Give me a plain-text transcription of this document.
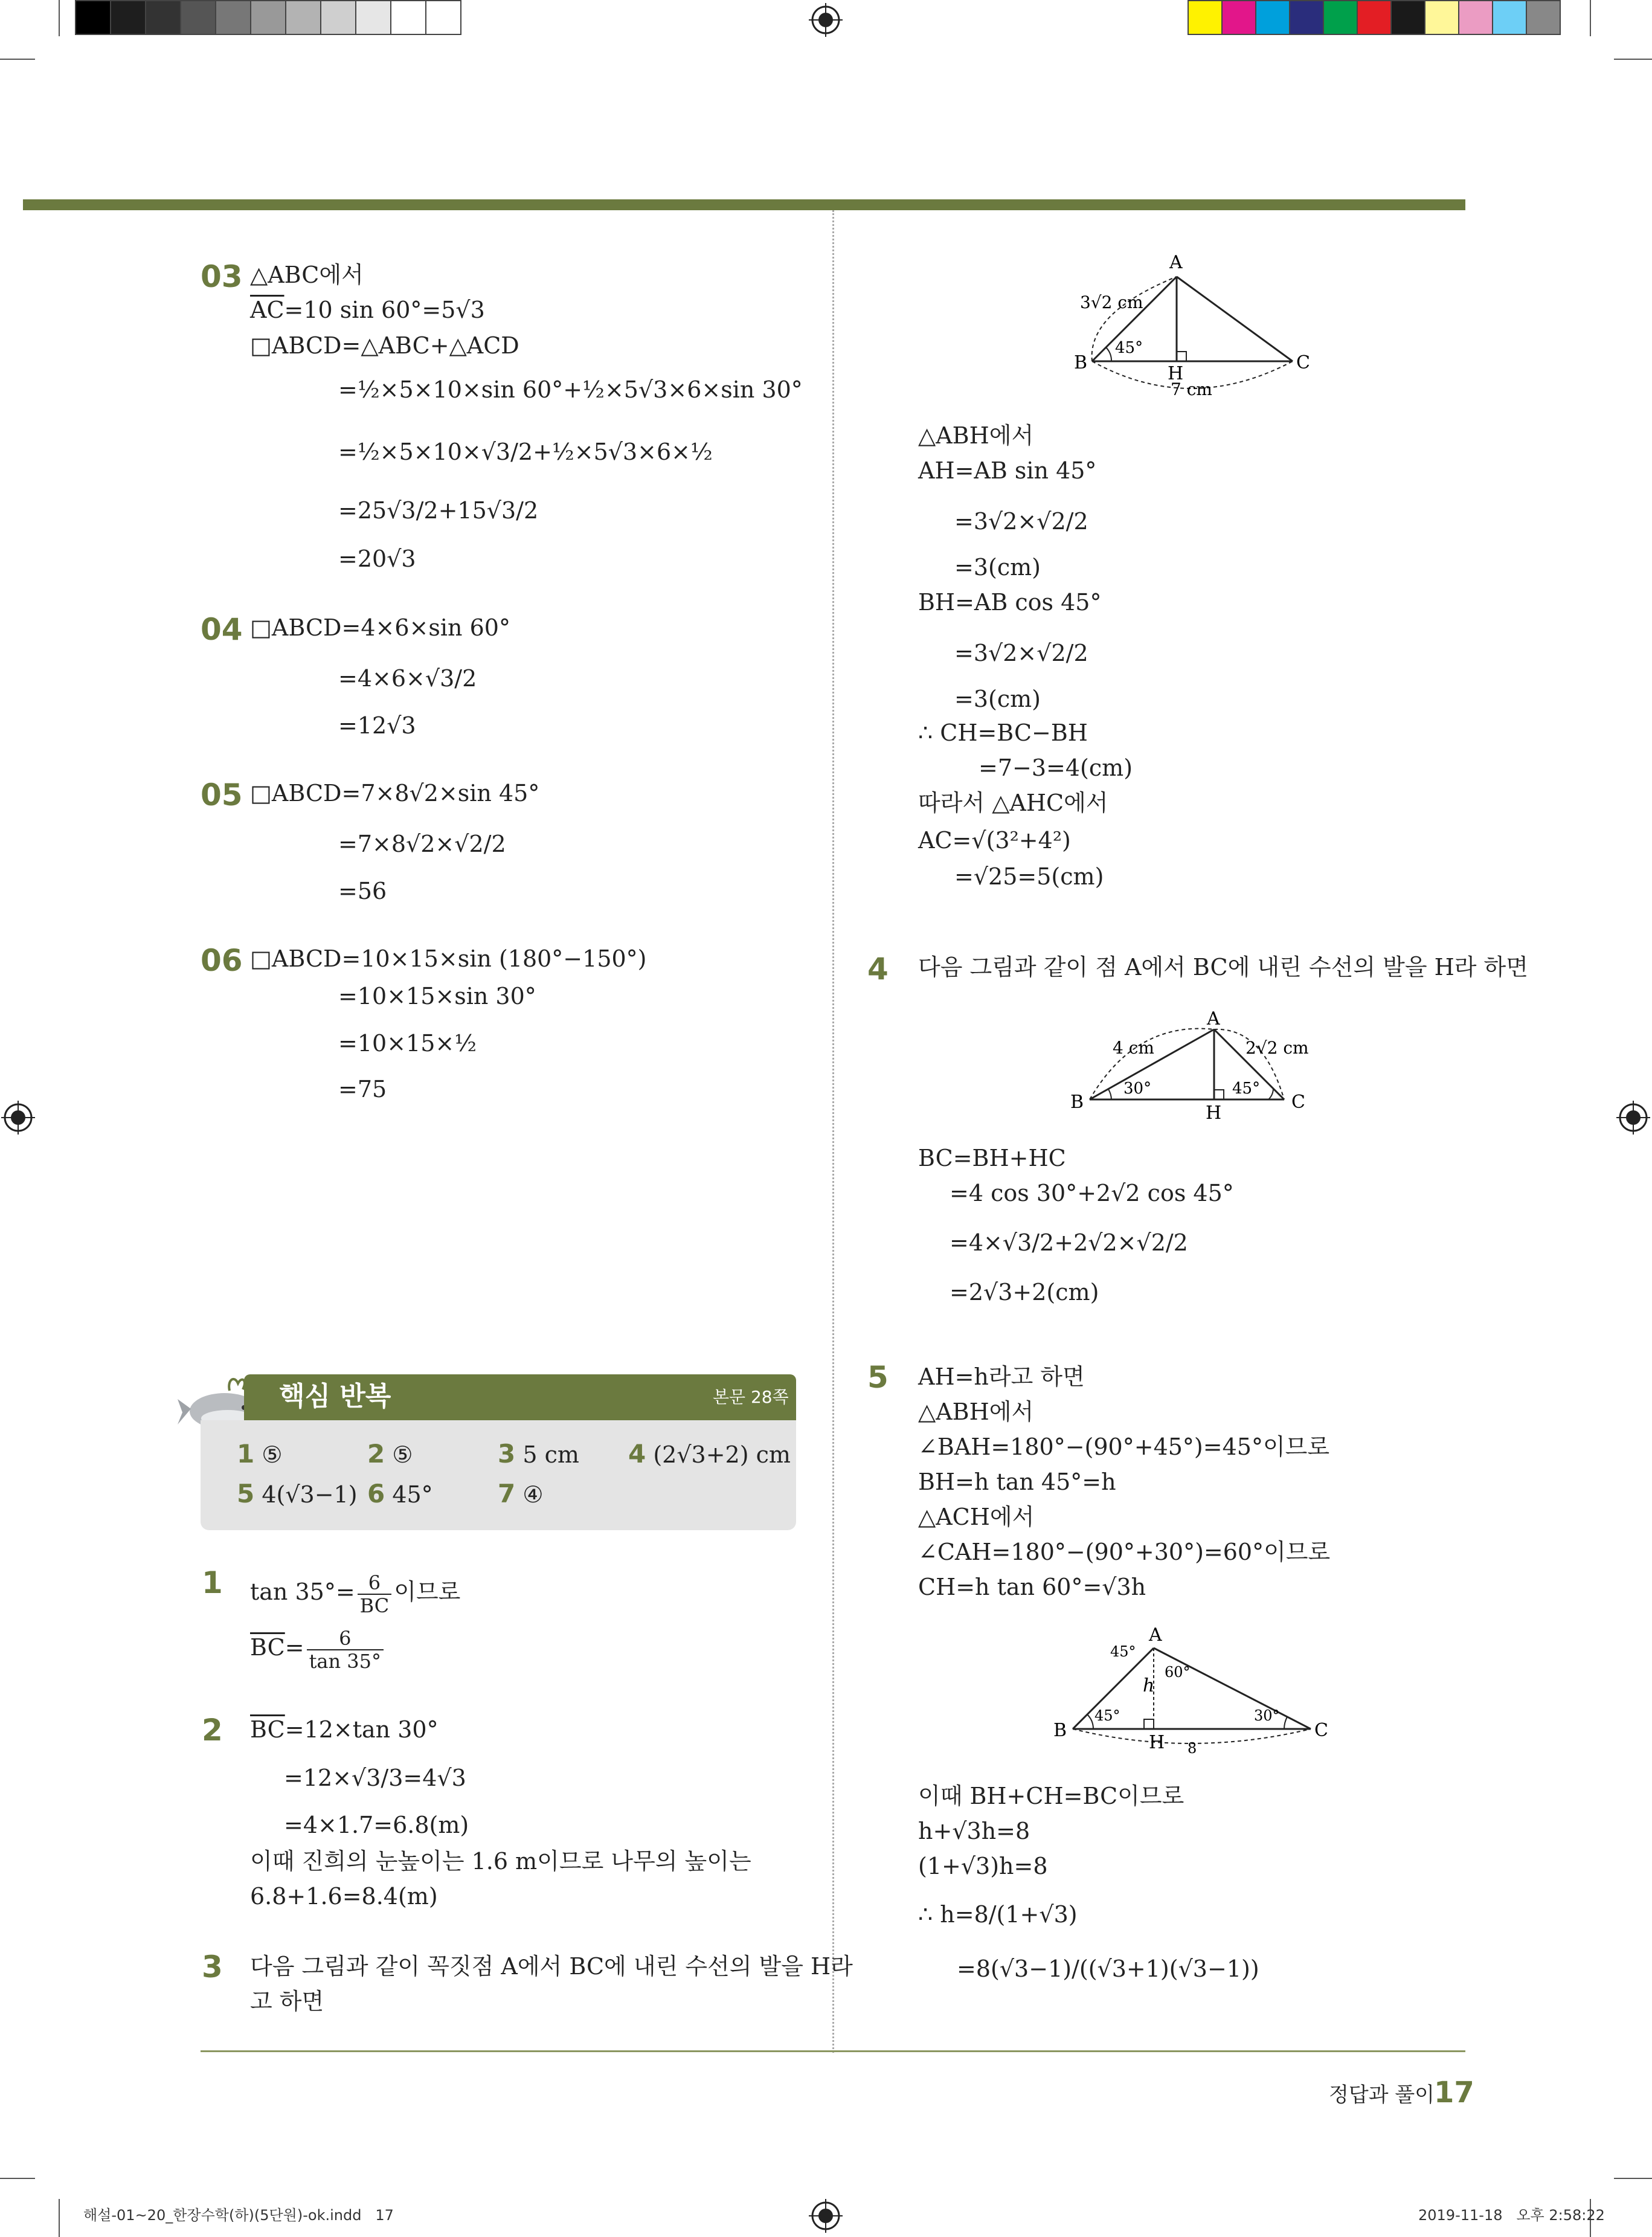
03 △ABC에서
$\overline{AC}=10$ sin 60°=5√3
□ABCD=△ABC+△ACD
=½×5×10×sin 60°+½×5√3×6×sin 30°
=½×5×10×√3/2+½×5√3×6×½
=25√3/2+15√3/2
=20√3
04 □ABCD=4×6×sin 60°
=4×6×√3/2
=12√3
05 □ABCD=7×8√2×sin 45°
=7×8√2×√2/2
=56
06 □ABCD=10×15×sin (180°−150°)
=10×15×sin 30°
=10×15×½
=75
핵심 반복	본문 28쪽
1 ⑤	2 ⑤	3 5 cm 4 (2√3+2) cm
5 4(√3−1) 6 45°	7 ④
1 $\tan 35^\circ= \frac{6}{BC}$ 이므로
$\overline{BC}= \frac{6}{\tan 35^\circ}$
2 $\overline{BC}=12\times\tan$ 30°
=12×√3/3=4√3
=4×1.7=6.8(m)
이때 진희의 눈높이는 1.6 m이므로 나무의 높이는
6.8+1.6=8.4(m)
3 다음 그림과 같이 꼭짓점 A에서 BC에 내린 수선의 발을 H라
고 하면
A
B	C
H
3√2 cm
45°
7 cm
△ABH에서
AH=AB sin 45°
=3√2×√2/2
=3(cm)
BH=AB cos 45°
=3√2×√2/2
=3(cm)
∴ CH=BC−BH
=7−3=4(cm)
따라서 △AHC에서
AC=√(3²+4²)
=√25=5(cm)
4 다음 그림과 같이 점 A에서 BC에 내린 수선의 발을 H라 하면
BC=BH+HC
=4 cos 30°+2√2 cos 45°
=4×√3/2+2√2×√2/2
=2√3+2(cm)
A
B	C
H
4 cm	2√2 cm
30°	45°
5 AH=h라고 하면
△ABH에서
∠BAH=180°−(90°+45°)=45°이므로
BH=h tan 45°=h
△ACH에서
∠CAH=180°−(90°+30°)=60°이므로
CH=h tan 60°=√3h
이때 BH+CH=BC이므로
h+√3h=8
(1+√3)h=8
∴ h=8/(1+√3)
=8(√3−1)/((√3+1)(√3−1))
A
B	C
H
h
45°
60°
45°	30°
8
정답과 풀이
17
해설-01~20_한장수학(하)(5단원)-ok.indd   17	2019-11-18   오후 2:58:22
